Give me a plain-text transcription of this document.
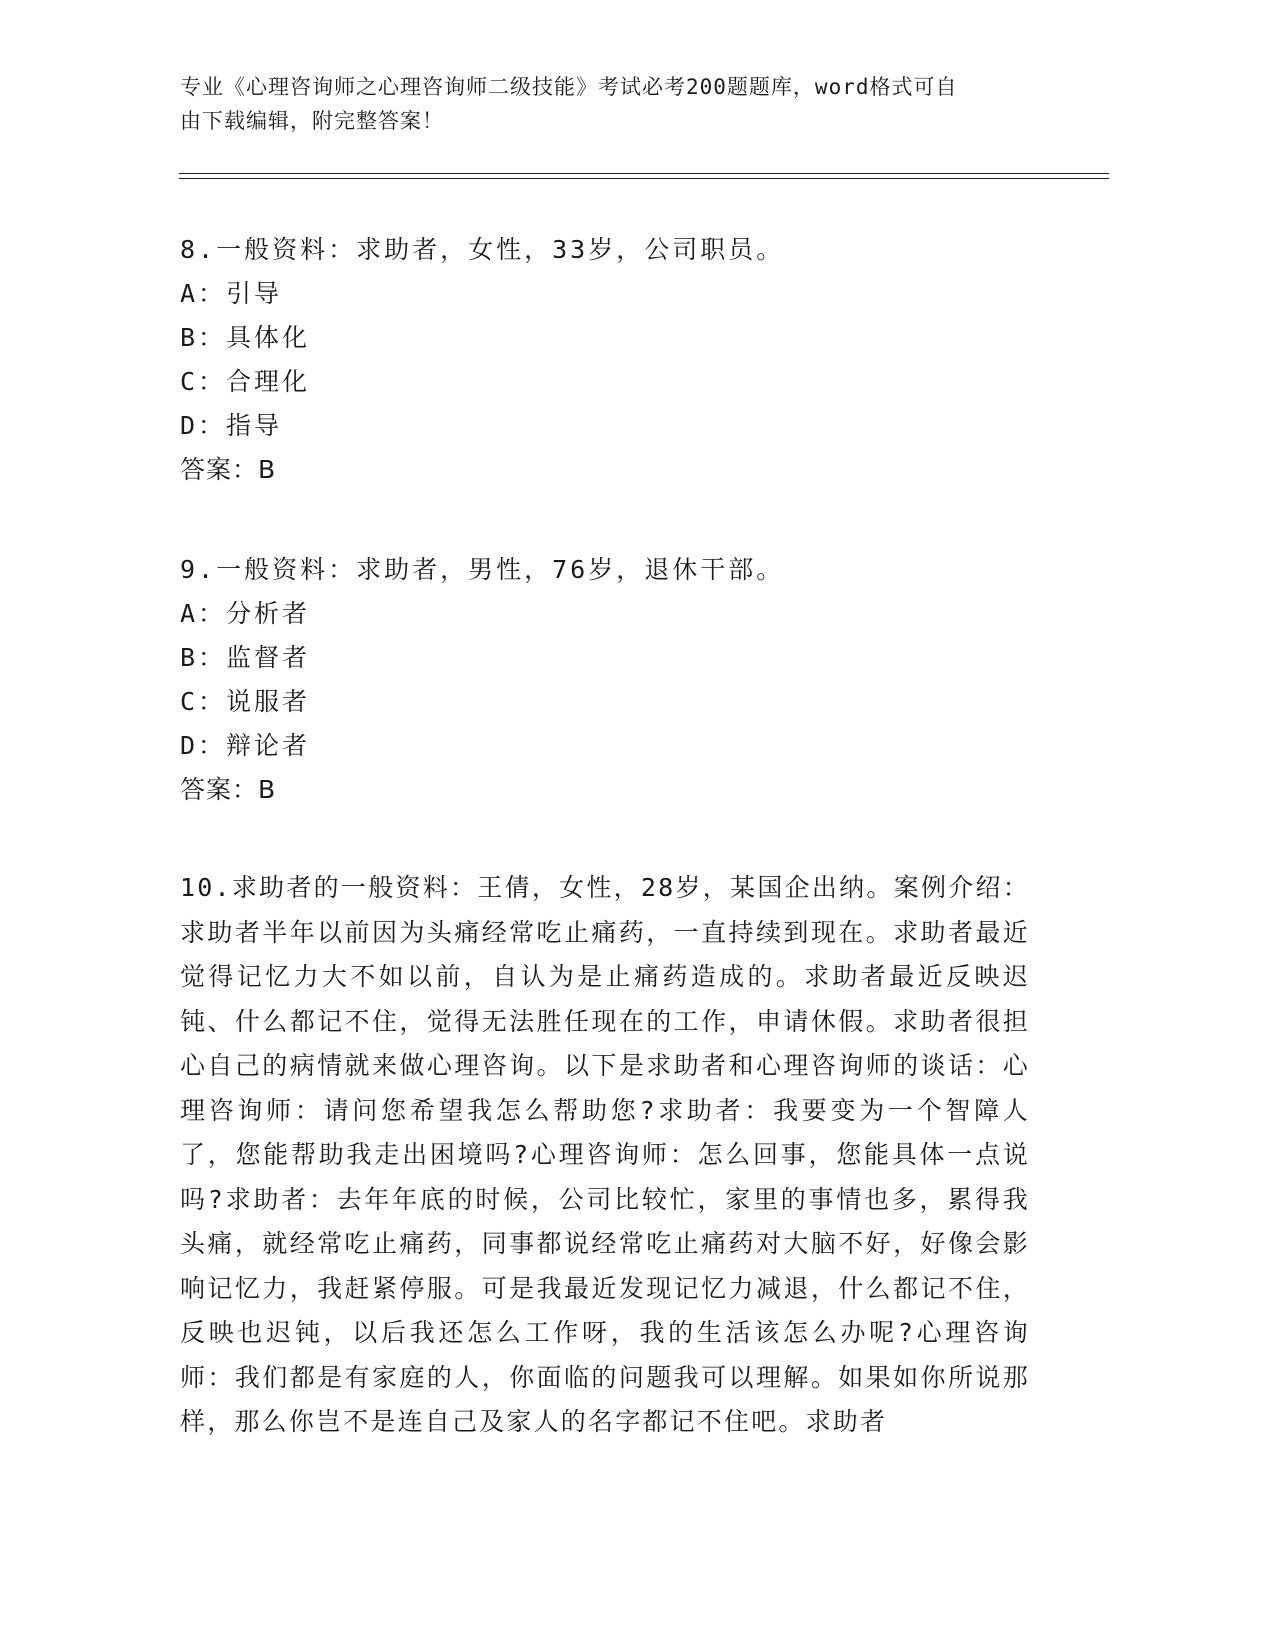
专业《心理咨询师之心理咨询师二级技能》考试必考200题题库，word格式可自
由下载编辑，附完整答案！
8.一般资料：求助者，女性，33岁，公司职员。
A：引导
B：具体化
C：合理化
D：指导
答案：B
9.一般资料：求助者，男性，76岁，退休干部。
A：分析者
B：监督者
C：说服者
D：辩论者
答案：B
10.求助者的一般资料：王倩，女性，28岁，某国企出纳。案例介绍：求助者半年以前因为头痛经常吃止痛药，一直持续到现在。求助者最近觉得记忆力大不如以前，自认为是止痛药造成的。求助者最近反映迟钝、什么都记不住，觉得无法胜任现在的工作，申请休假。求助者很担心自己的病情就来做心理咨询。以下是求助者和心理咨询师的谈话：心理咨询师：请问您希望我怎么帮助您?求助者：我要变为一个智障人了，您能帮助我走出困境吗?心理咨询师：怎么回事，您能具体一点说吗?求助者：去年年底的时候，公司比较忙，家里的事情也多，累得我头痛，就经常吃止痛药，同事都说经常吃止痛药对大脑不好，好像会影响记忆力，我赶紧停服。可是我最近发现记忆力减退，什么都记不住，反映也迟钝，以后我还怎么工作呀，我的生活该怎么办呢?心理咨询师：我们都是有家庭的人，你面临的问题我可以理解。如果如你所说那样，那么你岂不是连自己及家人的名字都记不住吧。求助者
